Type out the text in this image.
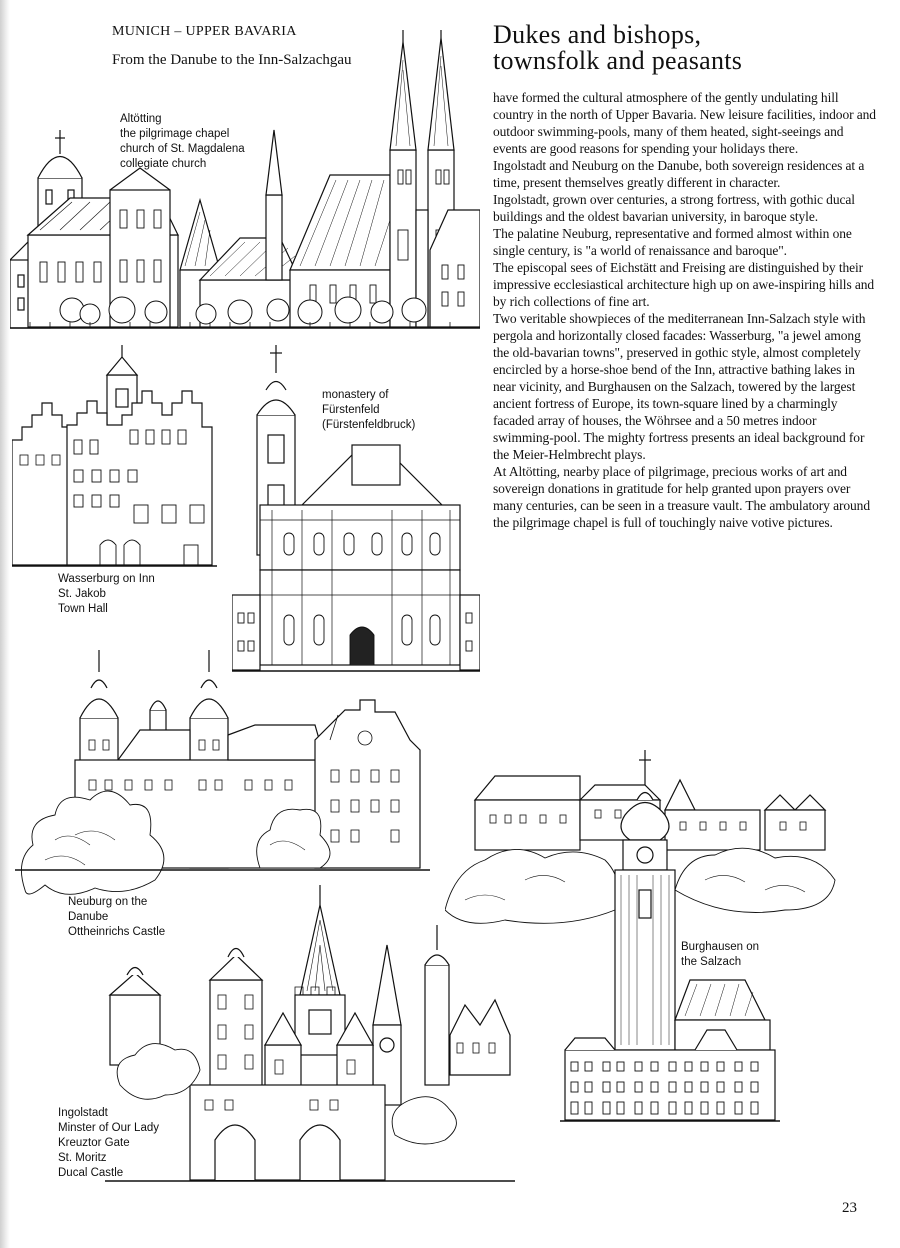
MUNICH – UPPER BAVARIA
From the Danube to the Inn-Salzachgau
Dukes and bishops,
townsfolk and peasants

have formed the cultural atmosphere of the gently undulating hill country in the north of Upper Bavaria. New leisure facilities, indoor and outdoor swimming-pools, many of them heated, sight-seeings and events are good reasons for spending your holidays there.

Ingolstadt and Neuburg on the Danube, both sovereign residences at a time, present themselves greatly different in character.

Ingolstadt, grown over centuries, a strong fortress, with gothic ducal buildings and the oldest bavarian university, in baroque style.

The palatine Neuburg, representative and formed almost within one single century, is "a world of renaissance and baroque".

The episcopal sees of Eichstätt and Freising are distinguished by their impressive ecclesiastical architecture high up on awe-inspiring hills and by rich collections of fine art.

Two veritable showpieces of the mediterranean Inn-Salzach style with pergola and horizontally closed facades: Wasserburg, "a jewel among the old-bavarian towns", preserved in gothic style, almost completely encircled by a horse-shoe bend of the Inn, attractive bathing lakes in near vicinity, and Burghausen on the Salzach, towered by the largest ancient fortress of Europe, its town-square lined by a charmingly facaded array of houses, the Wöhrsee and a 50 metres indoor swimming-pool. The mighty fortress presents an ideal background for the Meier-Helmbrecht plays.

At Altötting, nearby place of pilgrimage, precious works of art and sovereign donations in gratitude for help granted upon prayers over many centuries, can be seen in a treasure vault. The ambulatory around the pilgrimage chapel is full of touchingly naive votive pictures.

Altötting
the pilgrimage chapel
church of St. Magdalena
collegiate church
Wasserburg on Inn
St. Jakob
Town Hall
monastery of
Fürstenfeld
(Fürstenfeldbruck)
Neuburg on the
Danube
Ottheinrichs Castle
Burghausen on
the Salzach
Ingolstadt
Minster of Our Lady
Kreuztor Gate
St. Moritz
Ducal Castle
23
